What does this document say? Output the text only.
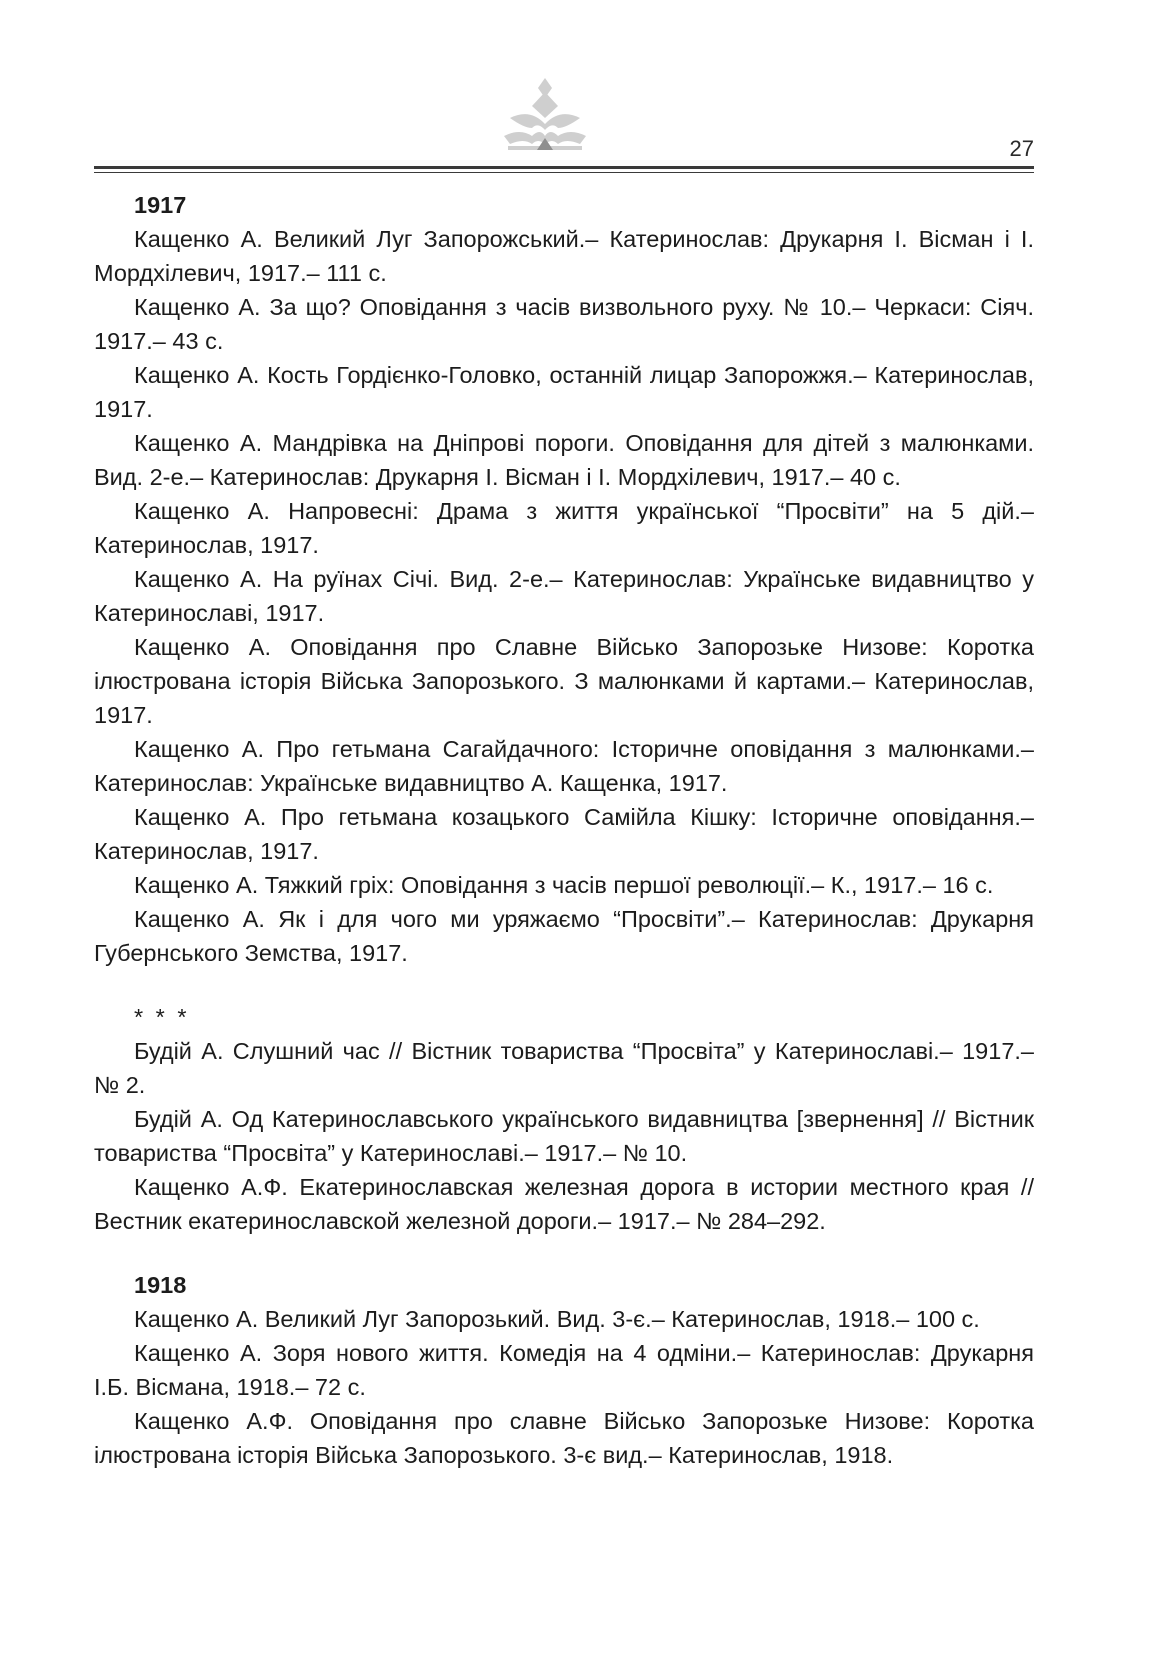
27

1917

Кащенко А. Великий Луг Запорожський.– Катеринослав: Друкарня І. Вісман і І. Мордхілевич, 1917.– 111 с.

Кащенко А. За що? Оповідання з часів визвольного руху. № 10.– Черкаси: Сіяч. 1917.– 43 с.

Кащенко А. Кость Гордієнко-Головко, останній лицар Запорожжя.– Катеринослав, 1917.

Кащенко А. Мандрівка на Дніпрові пороги. Оповідання для дітей з малюнками. Вид. 2-е.– Катеринослав: Друкарня І. Вісман і І. Мордхілевич, 1917.– 40 с.

Кащенко А. Напровесні: Драма з життя української “Просвіти” на 5 дій.– Катеринослав, 1917.

Кащенко А. На руїнах Січі. Вид. 2-е.– Катеринослав: Українське видавництво у Катеринославі, 1917.

Кащенко А. Оповідання про Славне Військо Запорозьке Низове: Коротка ілюстрована історія Війська Запорозького. З малюнками й картами.– Катеринослав, 1917.

Кащенко А. Про гетьмана Сагайдачного: Історичне оповідання з малюнками.– Катеринослав: Українське видавництво А. Кащенка, 1917.

Кащенко А. Про гетьмана козацького Самійла Кішку: Історичне оповідання.– Катеринослав, 1917.

Кащенко А. Тяжкий гріх: Оповідання з часів першої революції.– К., 1917.– 16 с.

Кащенко А. Як і для чого ми уряжаємо “Просвіти”.– Катеринослав: Друкарня Губернського Земства, 1917.

* * *

Будій А. Слушний час // Вістник товариства “Просвіта” у Катеринославі.– 1917.– № 2.

Будій А. Од Катеринославського українського видавництва [звернення] // Вістник товариства “Просвіта” у Катеринославі.– 1917.– № 10.

Кащенко А.Ф. Екатеринославская железная дорога в истории местного края // Вестник екатеринославской железной дороги.– 1917.– № 284–292.

1918

Кащенко А. Великий Луг Запорозький. Вид. 3-є.– Катеринослав, 1918.– 100 с.

Кащенко А. Зоря нового життя. Комедія на 4 одміни.– Катеринослав: Друкарня І.Б. Вісмана, 1918.– 72 с.

Кащенко А.Ф. Оповідання про славне Військо Запорозьке Низове: Коротка ілюстрована історія Війська Запорозького. 3-є вид.– Катеринослав, 1918.
